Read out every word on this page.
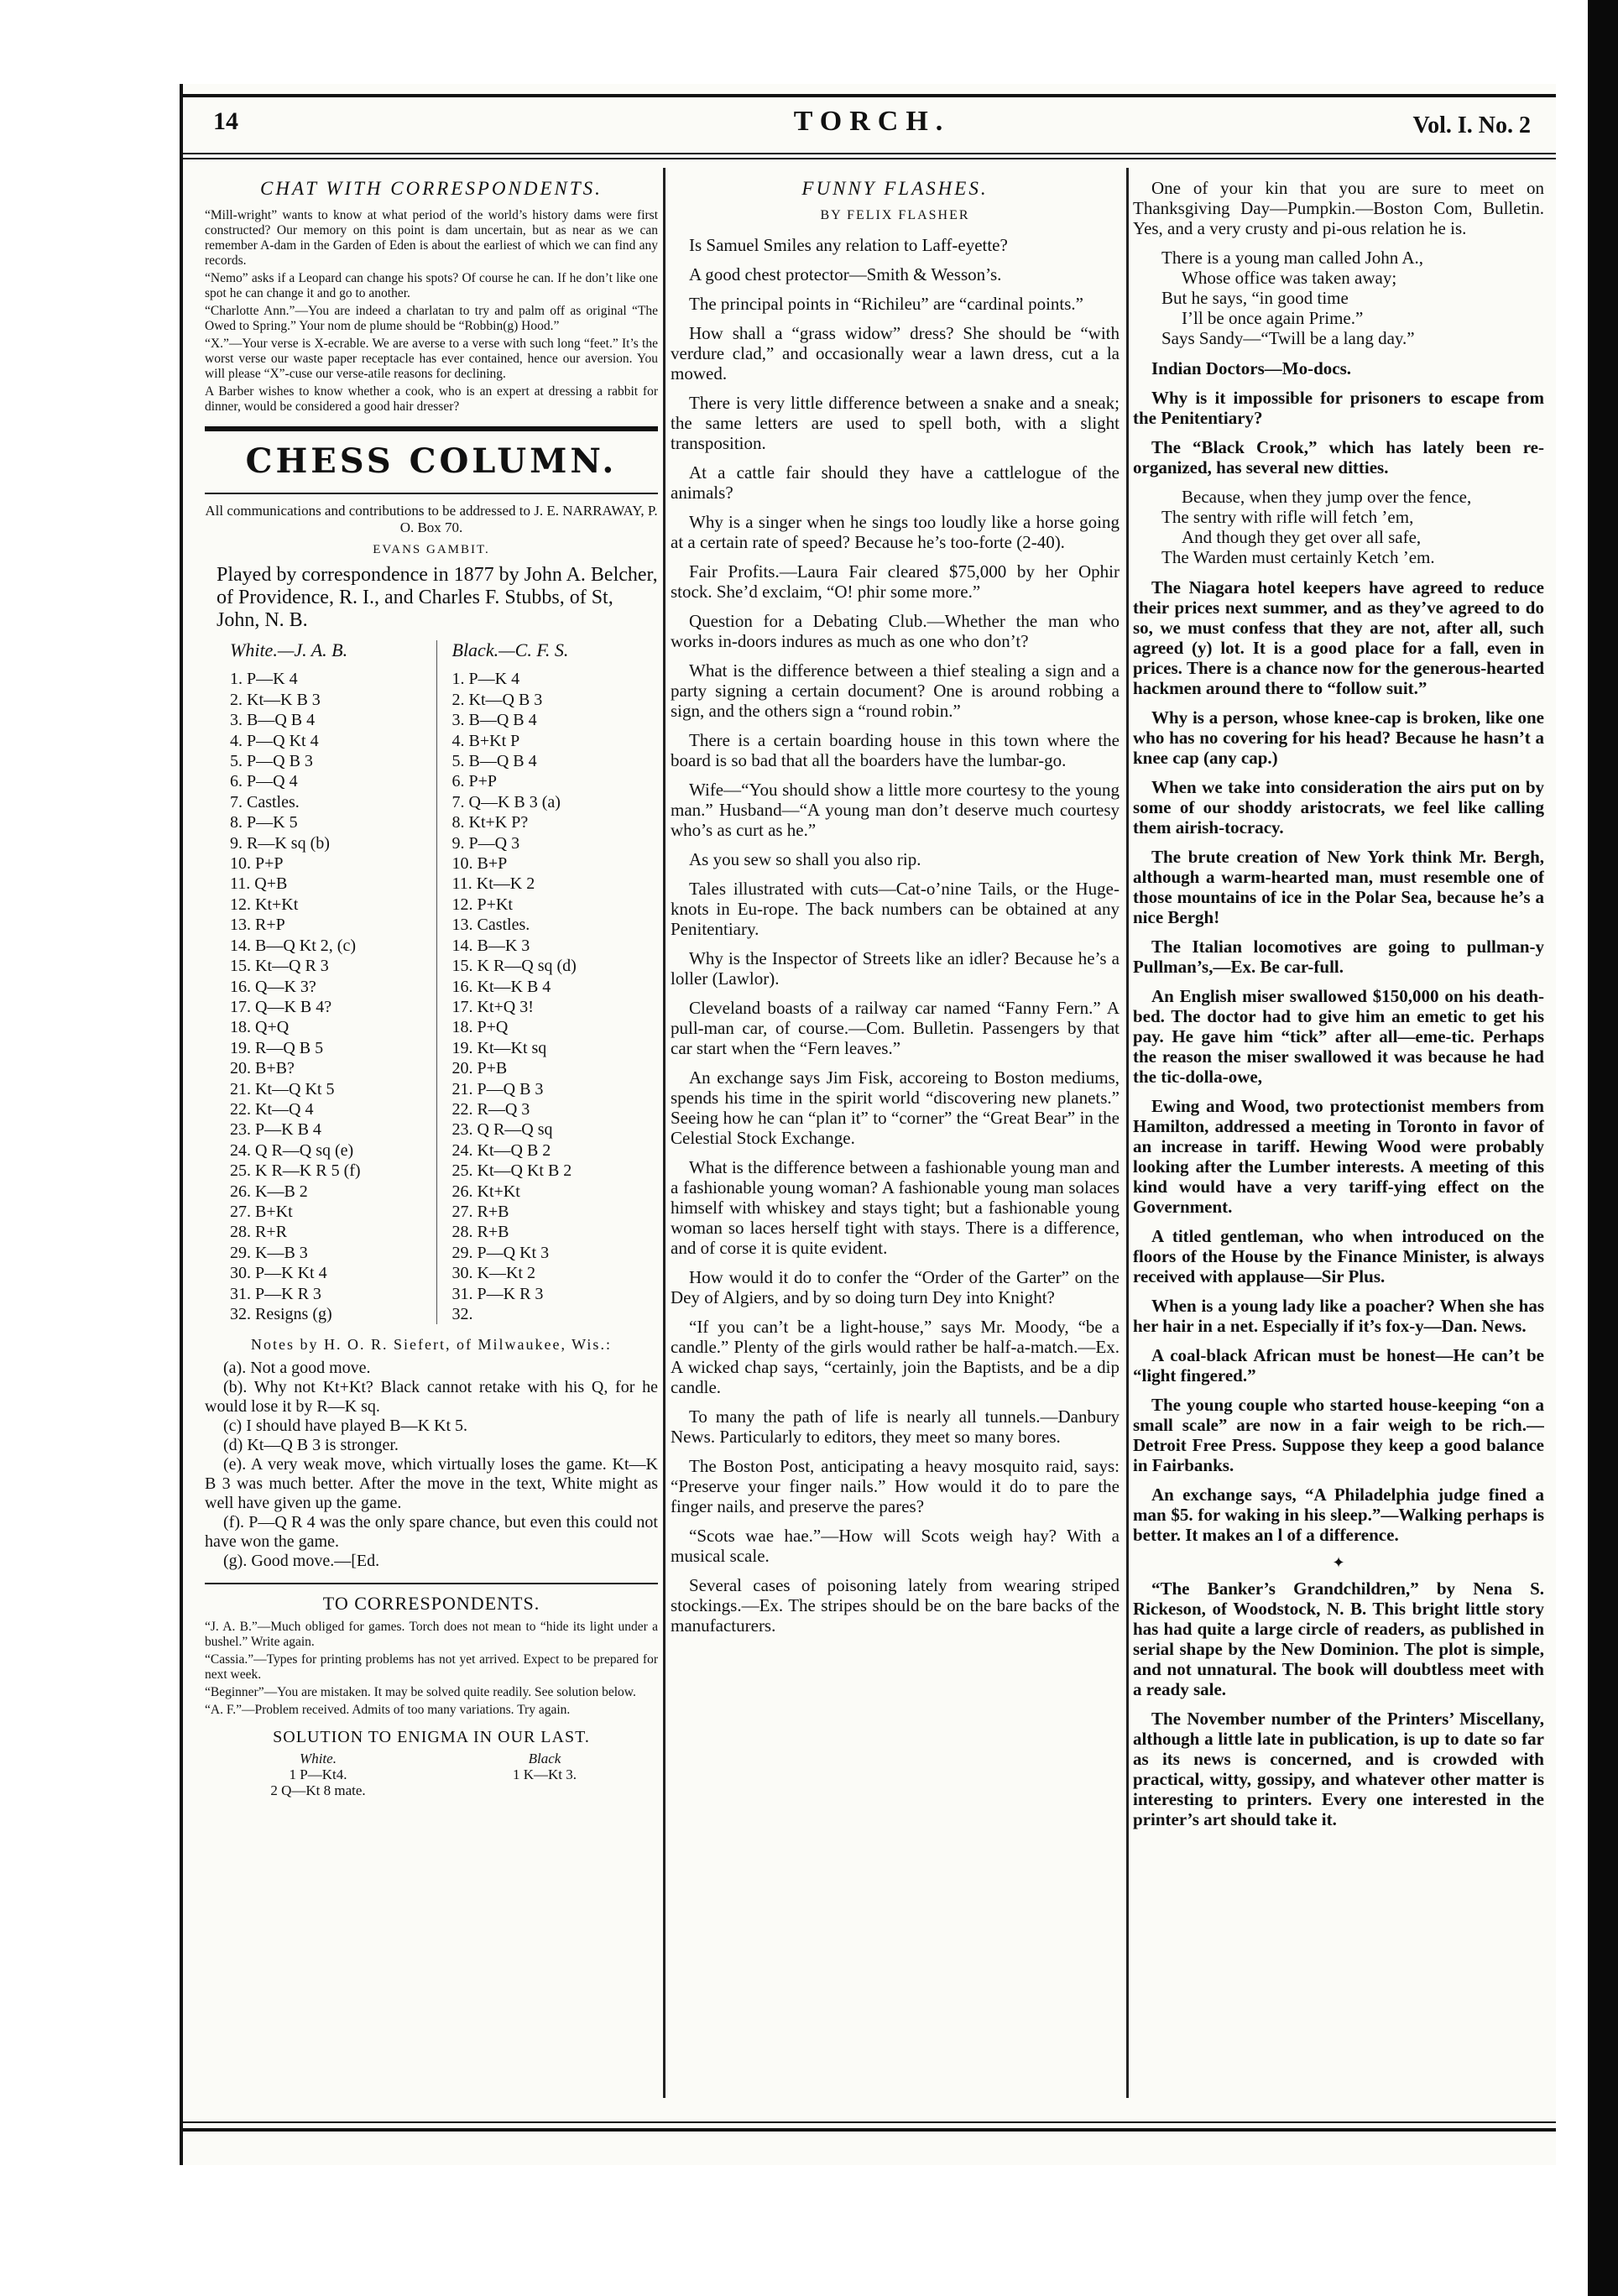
14	TORCH.	Vol. I. No. 2
CHAT WITH CORRESPONDENTS.

“Mill-wright” wants to know at what period of the world’s history dams were first constructed? Our memory on this point is dam uncertain, but as near as we can remember A-dam in the Garden of Eden is about the earliest of which we can find any records.

“Nemo” asks if a Leopard can change his spots? Of course he can. If he don’t like one spot he can change it and go to another.

“Charlotte Ann.”—You are indeed a charlatan to try and palm off as original “The Owed to Spring.” Your nom de plume should be “Robbin(g) Hood.”

“X.”—Your verse is X-ecrable. We are averse to a verse with such long “feet.” It’s the worst verse our waste paper receptacle has ever contained, hence our aversion. You will please “X”-cuse our verse-atile reasons for declining.

A Barber wishes to know whether a cook, who is an expert at dressing a rabbit for dinner, would be considered a good hair dresser?

CHESS COLUMN.

All communications and contributions to be addressed to J. E. NARRAWAY, P. O. Box 70.

EVANS GAMBIT.

Played by correspondence in 1877 by John A. Belcher, of Providence, R. I., and Charles F. Stubbs, of St, John, N. B.

White.—J. A. B.
1. P—K 4
2. Kt—K B 3
3. B—Q B 4
4. P—Q Kt 4
5. P—Q B 3
6. P—Q 4
7. Castles.
8. P—K 5
9. R—K sq (b)
10. P+P
11. Q+B
12. Kt+Kt
13. R+P
14. B—Q Kt 2, (c)
15. Kt—Q R 3
16. Q—K 3?
17. Q—K B 4?
18. Q+Q
19. R—Q B 5
20. B+B?
21. Kt—Q Kt 5
22. Kt—Q 4
23. P—K B 4
24. Q R—Q sq (e)
25. K R—K R 5 (f)
26. K—B 2
27. B+Kt
28. R+R
29. K—B 3
30. P—K Kt 4
31. P—K R 3
32. Resigns (g)
Black.—C. F. S.
1. P—K 4
2. Kt—Q B 3
3. B—Q B 4
4. B+Kt P
5. B—Q B 4
6. P+P
7. Q—K B 3 (a)
8. Kt+K P?
9. P—Q 3
10. B+P
11. Kt—K 2
12. P+Kt
13. Castles.
14. B—K 3
15. K R—Q sq (d)
16. Kt—K B 4
17. Kt+Q 3!
18. P+Q
19. Kt—Kt sq
20. P+B
21. P—Q B 3
22. R—Q 3
23. Q R—Q sq
24. Kt—Q B 2
25. Kt—Q Kt B 2
26. Kt+Kt
27. R+B
28. R+B
29. P—Q Kt 3
30. K—Kt 2
31. P—K R 3
32.
Notes by H. O. R. Siefert, of Milwaukee, Wis.:

(a). Not a good move.

(b). Why not Kt+Kt? Black cannot retake with his Q, for he would lose it by R—K sq.

(c) I should have played B—K Kt 5.

(d) Kt—Q B 3 is stronger.

(e). A very weak move, which virtually loses the game. Kt—K B 3 was much better. After the move in the text, White might as well have given up the game.

(f). P—Q R 4 was the only spare chance, but even this could not have won the game.

(g). Good move.—[Ed.

TO CORRESPONDENTS.

“J. A. B.”—Much obliged for games. Torch does not mean to “hide its light under a bushel.” Write again.

“Cassia.”—Types for printing problems has not yet arrived. Expect to be prepared for next week.

“Beginner”—You are mistaken. It may be solved quite readily. See solution below.

“A. F.”—Problem received. Admits of too many variations. Try again.

SOLUTION TO ENIGMA IN OUR LAST.
White.
1 P—Kt4.
2 Q—Kt 8 mate.
Black
1 K—Kt 3.
FUNNY FLASHES.
BY FELIX FLASHER

Is Samuel Smiles any relation to Laff-eyette?

A good chest protector—Smith & Wesson’s.

The principal points in “Richileu” are “cardinal points.”

How shall a “grass widow” dress? She should be “with verdure clad,” and occasionally wear a lawn dress, cut a la mowed.

There is very little difference between a snake and a sneak; the same letters are used to spell both, with a slight transposition.

At a cattle fair should they have a cattlelogue of the animals?

Why is a singer when he sings too loudly like a horse going at a certain rate of speed? Because he’s too-forte (2-40).

Fair Profits.—Laura Fair cleared $75,000 by her Ophir stock. She’d exclaim, “O! phir some more.”

Question for a Debating Club.—Whether the man who works in-doors indures as much as one who don’t?

What is the difference between a thief stealing a sign and a party signing a certain document? One is around robbing a sign, and the others sign a “round robin.”

There is a certain boarding house in this town where the board is so bad that all the boarders have the lumbar-go.

Wife—“You should show a little more courtesy to the young man.” Husband—“A young man don’t deserve much courtesy who’s as curt as he.”

As you sew so shall you also rip.

Tales illustrated with cuts—Cat-o’nine Tails, or the Huge-knots in Eu-rope. The back numbers can be obtained at any Penitentiary.

Why is the Inspector of Streets like an idler? Because he’s a loller (Lawlor).

Cleveland boasts of a railway car named “Fanny Fern.” A pull-man car, of course.—Com. Bulletin. Passengers by that car start when the “Fern leaves.”

An exchange says Jim Fisk, accoreing to Boston mediums, spends his time in the spirit world “discovering new planets.” Seeing how he can “plan it” to “corner” the “Great Bear” in the Celestial Stock Exchange.

What is the difference between a fashionable young man and a fashionable young woman? A fashionable young man solaces himself with whiskey and stays tight; but a fashionable young woman so laces herself tight with stays. There is a difference, and of corse it is quite evident.

How would it do to confer the “Order of the Garter” on the Dey of Algiers, and by so doing turn Dey into Knight?

“If you can’t be a light-house,” says Mr. Moody, “be a candle.” Plenty of the girls would rather be half-a-match.—Ex. A wicked chap says, “certainly, join the Baptists, and be a dip candle.

To many the path of life is nearly all tunnels.—Danbury News. Particularly to editors, they meet so many bores.

The Boston Post, anticipating a heavy mosquito raid, says: “Preserve your finger nails.” How would it do to pare the finger nails, and preserve the pares?

“Scots wae hae.”—How will Scots weigh hay? With a musical scale.

Several cases of poisoning lately from wearing striped stockings.—Ex. The stripes should be on the bare backs of the manufacturers.

One of your kin that you are sure to meet on Thanksgiving Day—Pumpkin.—Boston Com, Bulletin. Yes, and a very crusty and pi-ous relation he is.

There is a young man called John A.,
Whose office was taken away;
But he says, “in good time
I’ll be once again Prime.”
Says Sandy—“Twill be a lang day.”

Indian Doctors—Mo-docs.

Why is it impossible for prisoners to escape from the Penitentiary?

The “Black Crook,” which has lately been re-organized, has several new ditties.

Because, when they jump over the fence,
The sentry with rifle will fetch ’em,
And though they get over all safe,
The Warden must certainly Ketch ’em.

The Niagara hotel keepers have agreed to reduce their prices next summer, and as they’ve agreed to do so, we must confess that they are not, after all, such agreed (y) lot. It is a good place for a fall, even in prices. There is a chance now for the generous-hearted hackmen around there to “follow suit.”

Why is a person, whose knee-cap is broken, like one who has no covering for his head? Because he hasn’t a knee cap (any cap.)

When we take into consideration the airs put on by some of our shoddy aristocrats, we feel like calling them airish-tocracy.

The brute creation of New York think Mr. Bergh, although a warm-hearted man, must resemble one of those mountains of ice in the Polar Sea, because he’s a nice Bergh!

The Italian locomotives are going to pullman-y Pullman’s,—Ex. Be car-full.

An English miser swallowed $150,000 on his death-bed. The doctor had to give him an emetic to get his pay. He gave him “tick” after all—eme-tic. Perhaps the reason the miser swallowed it was because he had the tic-dolla-owe,

Ewing and Wood, two protectionist members from Hamilton, addressed a meeting in Toronto in favor of an increase in tariff. Hewing Wood were probably looking after the Lumber interests. A meeting of this kind would have a very tariff-ying effect on the Government.

A titled gentleman, who when introduced on the floors of the House by the Finance Minister, is always received with applause—Sir Plus.

When is a young lady like a poacher? When she has her hair in a net. Especially if it’s fox-y—Dan. News.

A coal-black African must be honest—He can’t be “light fingered.”

The young couple who started house-keeping “on a small scale” are now in a fair weigh to be rich.—Detroit Free Press. Suppose they keep a good balance in Fairbanks.

An exchange says, “A Philadelphia judge fined a man $5. for waking in his sleep.”—Walking perhaps is better. It makes an l of a difference.

✦

“The Banker’s Grandchildren,” by Nena S. Rickeson, of Woodstock, N. B. This bright little story has had quite a large circle of readers, as published in serial shape by the New Dominion. The plot is simple, and not unnatural. The book will doubtless meet with a ready sale.

The November number of the Printers’ Miscellany, although a little late in publication, is up to date so far as its news is concerned, and is crowded with practical, witty, gossipy, and whatever other matter is interesting to printers. Every one interested in the printer’s art should take it.
